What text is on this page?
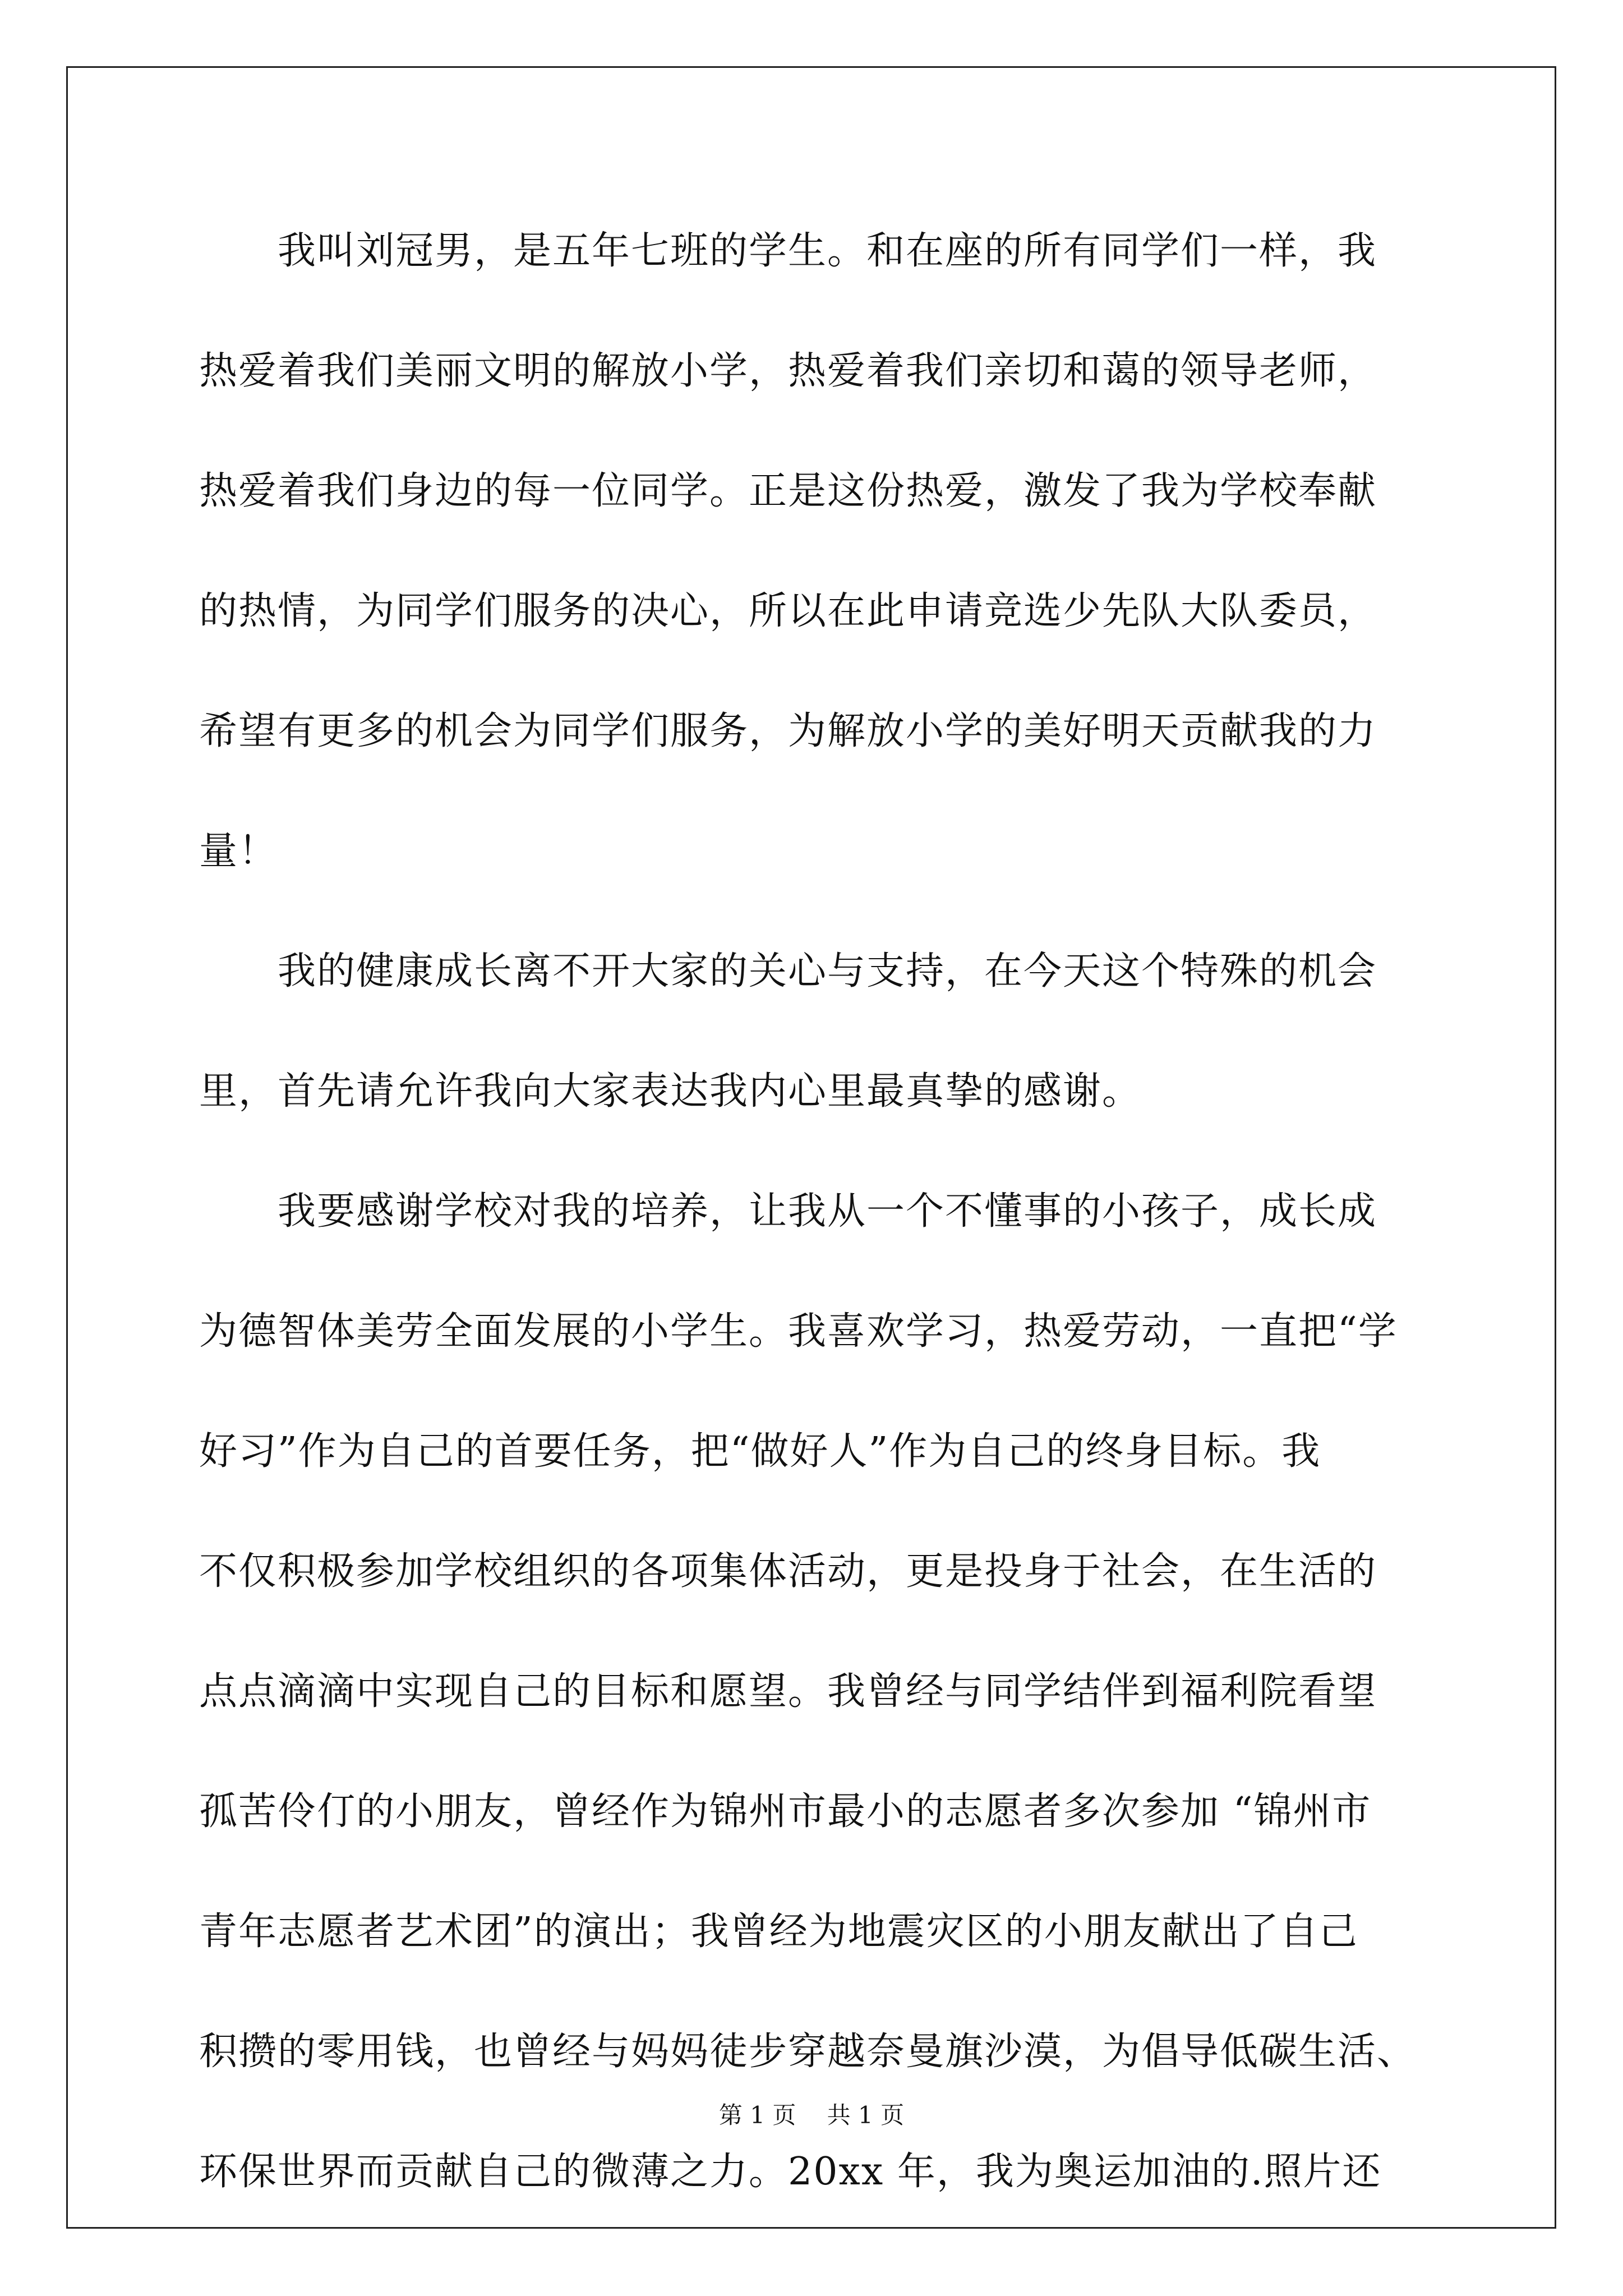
　　我叫刘冠男，是五年七班的学生。和在座的所有同学们一样，我
热爱着我们美丽文明的解放小学，热爱着我们亲切和蔼的领导老师，
热爱着我们身边的每一位同学。正是这份热爱，激发了我为学校奉献
的热情，为同学们服务的决心，所以在此申请竞选少先队大队委员，
希望有更多的机会为同学们服务，为解放小学的美好明天贡献我的力
量！
　　我的健康成长离不开大家的关心与支持，在今天这个特殊的机会
里，首先请允许我向大家表达我内心里最真挚的感谢。
　　我要感谢学校对我的培养，让我从一个不懂事的小孩子，成长成
为德智体美劳全面发展的小学生。我喜欢学习，热爱劳动，一直把“学
好习”作为自己的首要任务，把“做好人”作为自己的终身目标。我
不仅积极参加学校组织的各项集体活动，更是投身于社会，在生活的
点点滴滴中实现自己的目标和愿望。我曾经与同学结伴到福利院看望
孤苦伶仃的小朋友，曾经作为锦州市最小的志愿者多次参加 “锦州市
青年志愿者艺术团”的演出；我曾经为地震灾区的小朋友献出了自己
积攒的零用钱，也曾经与妈妈徒步穿越奈曼旗沙漠，为倡导低碳生活、
环保世界而贡献自己的微薄之力。20xx 年，我为奥运加油的.照片还
第 1 页　 共 1 页
